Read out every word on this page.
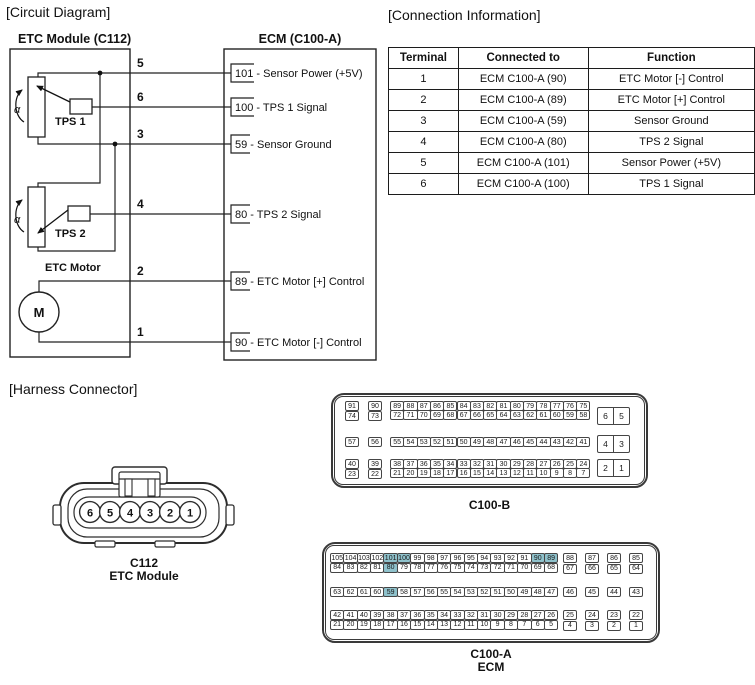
[Circuit Diagram]	[Connection Information]
[Harness Connector]
ETC Module (C112)	ECM (C100-A)
α
TPS 1
α
TPS 2
ETC Motor
M
5
6
3
4
2
1
101 - Sensor Power (+5V)
100 - TPS 1 Signal
59 - Sensor Ground
80 - TPS 2 Signal
89 - ETC Motor [+] Control
90 - ETC Motor [-] Control
Terminal	Connected to	Function
1	ECM C100-A (90)	ETC Motor [-] Control
2	ECM C100-A (89)	ETC Motor [+] Control
3	ECM C100-A (59)	Sensor Ground
4	ECM C100-A (80)	TPS 2 Signal
5	ECM C100-A (101)	Sensor Power (+5V)
6	ECM C100-A (100)	TPS 1 Signal
6 5 4 3 2 1
C112
ETC Module
89 88 87 86 85 84 83 82 81 80 79 78 77 76 75
91	90
72 71 70 69 68 67 66 65 64 63 62 61 60 59 58
74	73
55 54 53 52 51 50 49 48 47 46 45 44 43 42 41
57	56
38 37 36 35 34 33 32 31 30 29 28 27 26 25 24
40	39
21 20 19 18 17 16 15 14 13 12 11 10	9	8	7
23	22
6	5
4	3
2	1
C100-B
105 104 103 102 101 100 99 98 97 96 95 94 93 92 91 90 89	88	87	86	85
84 83 82 81 80 79 78 77 76 75 74 73 72 71 70 69 68	67	66	65	64
63 62 61 60 59 58 57 56 55 54 53 52 51 50 49 48 47	46	45	44	43
42 41 40 39 38 37 36 35 34 33 32 31 30 29 28 27 26	25	24	23	22
21 20 19 18 17 16 15 14 13 12 11 10	9	8	7	6	5	4	3	2	1
C100-A
ECM
